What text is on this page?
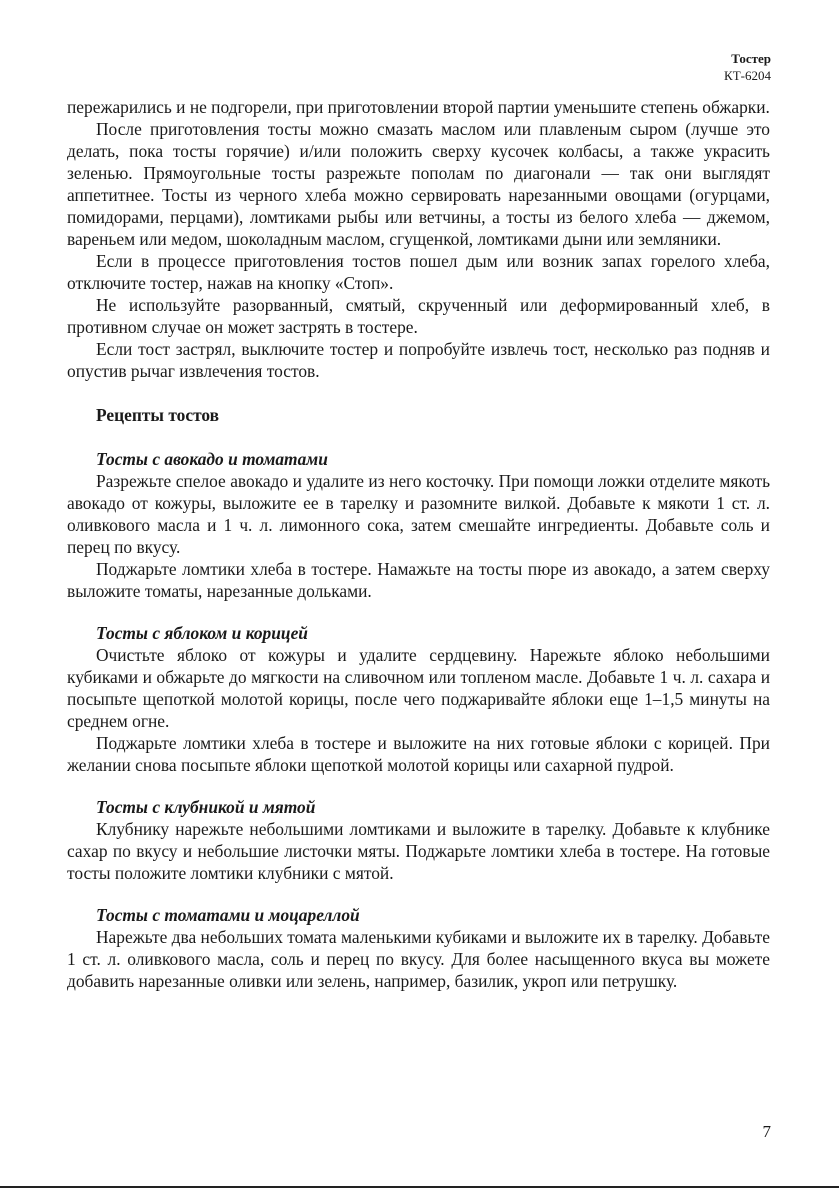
Тостер
КТ-6204

пережарились и не подгорели, при приготовлении второй партии уменьшите степень обжарки.

После приготовления тосты можно смазать маслом или плавленым сыром (лучше это делать, пока тосты горячие) и/или положить сверху кусочек колбасы, а также украсить зеленью. Прямоугольные тосты разрежьте пополам по диагонали — так они выглядят аппетитнее. Тосты из черного хлеба можно сервировать нарезанными овощами (огурцами, помидорами, перцами), ломтиками рыбы или ветчины, а тосты из белого хлеба — джемом, вареньем или медом, шоколадным маслом, сгущенкой, ломтиками дыни или земляники.

Если в процессе приготовления тостов пошел дым или возник запах горелого хлеба, отключите тостер, нажав на кнопку «Стоп».

Не используйте разорванный, смятый, скрученный или деформированный хлеб, в противном случае он может застрять в тостере.

Если тост застрял, выключите тостер и попробуйте извлечь тост, несколько раз подняв и опустив рычаг извлечения тостов.

Рецепты тостов

Тосты с авокадо и томатами

Разрежьте спелое авокадо и удалите из него косточку. При помощи ложки отделите мякоть авокадо от кожуры, выложите ее в тарелку и разомните вилкой. Добавьте к мякоти 1 ст. л. оливкового масла и 1 ч. л. лимонного сока, затем смешайте ингредиенты. Добавьте соль и перец по вкусу.

Поджарьте ломтики хлеба в тостере. Намажьте на тосты пюре из авокадо, а затем сверху выложите томаты, нарезанные дольками.

Тосты с яблоком и корицей

Очистьте яблоко от кожуры и удалите сердцевину. Нарежьте яблоко небольшими кубиками и обжарьте до мягкости на сливочном или топленом масле. Добавьте 1 ч. л. сахара и посыпьте щепоткой молотой корицы, после чего поджаривайте яблоки еще 1–1,5 минуты на среднем огне.

Поджарьте ломтики хлеба в тостере и выложите на них готовые яблоки с корицей. При желании снова посыпьте яблоки щепоткой молотой корицы или сахарной пудрой.

Тосты с клубникой и мятой

Клубнику нарежьте небольшими ломтиками и выложите в тарелку. Добавьте к клубнике сахар по вкусу и небольшие листочки мяты. Поджарьте ломтики хлеба в тостере. На готовые тосты положите ломтики клубники с мятой.

Тосты с томатами и моцареллой

Нарежьте два небольших томата маленькими кубиками и выложите их в тарелку. Добавьте 1 ст. л. оливкового масла, соль и перец по вкусу. Для более насыщенного вкуса вы можете добавить нарезанные оливки или зелень, например, базилик, укроп или петрушку.

7
